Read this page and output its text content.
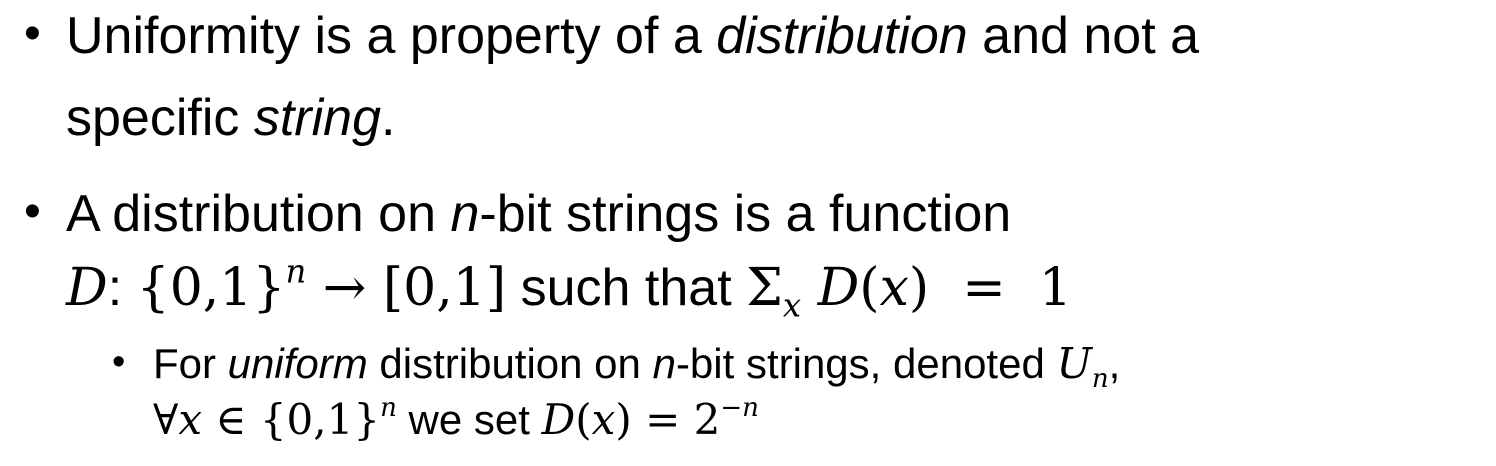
• Uniformity is a property of a distribution and not a
specific string.
• A distribution on n-bit strings is a function
D: $\{0,1\}^n \to [0,1]$ such that $\Sigma_x$ D(x)  =  1
• For uniform distribution on n-bit strings, denoted $U_n$,
∀x ∈ $\{0,1\}^n$ we set $D(x) = 2^{-n}$
